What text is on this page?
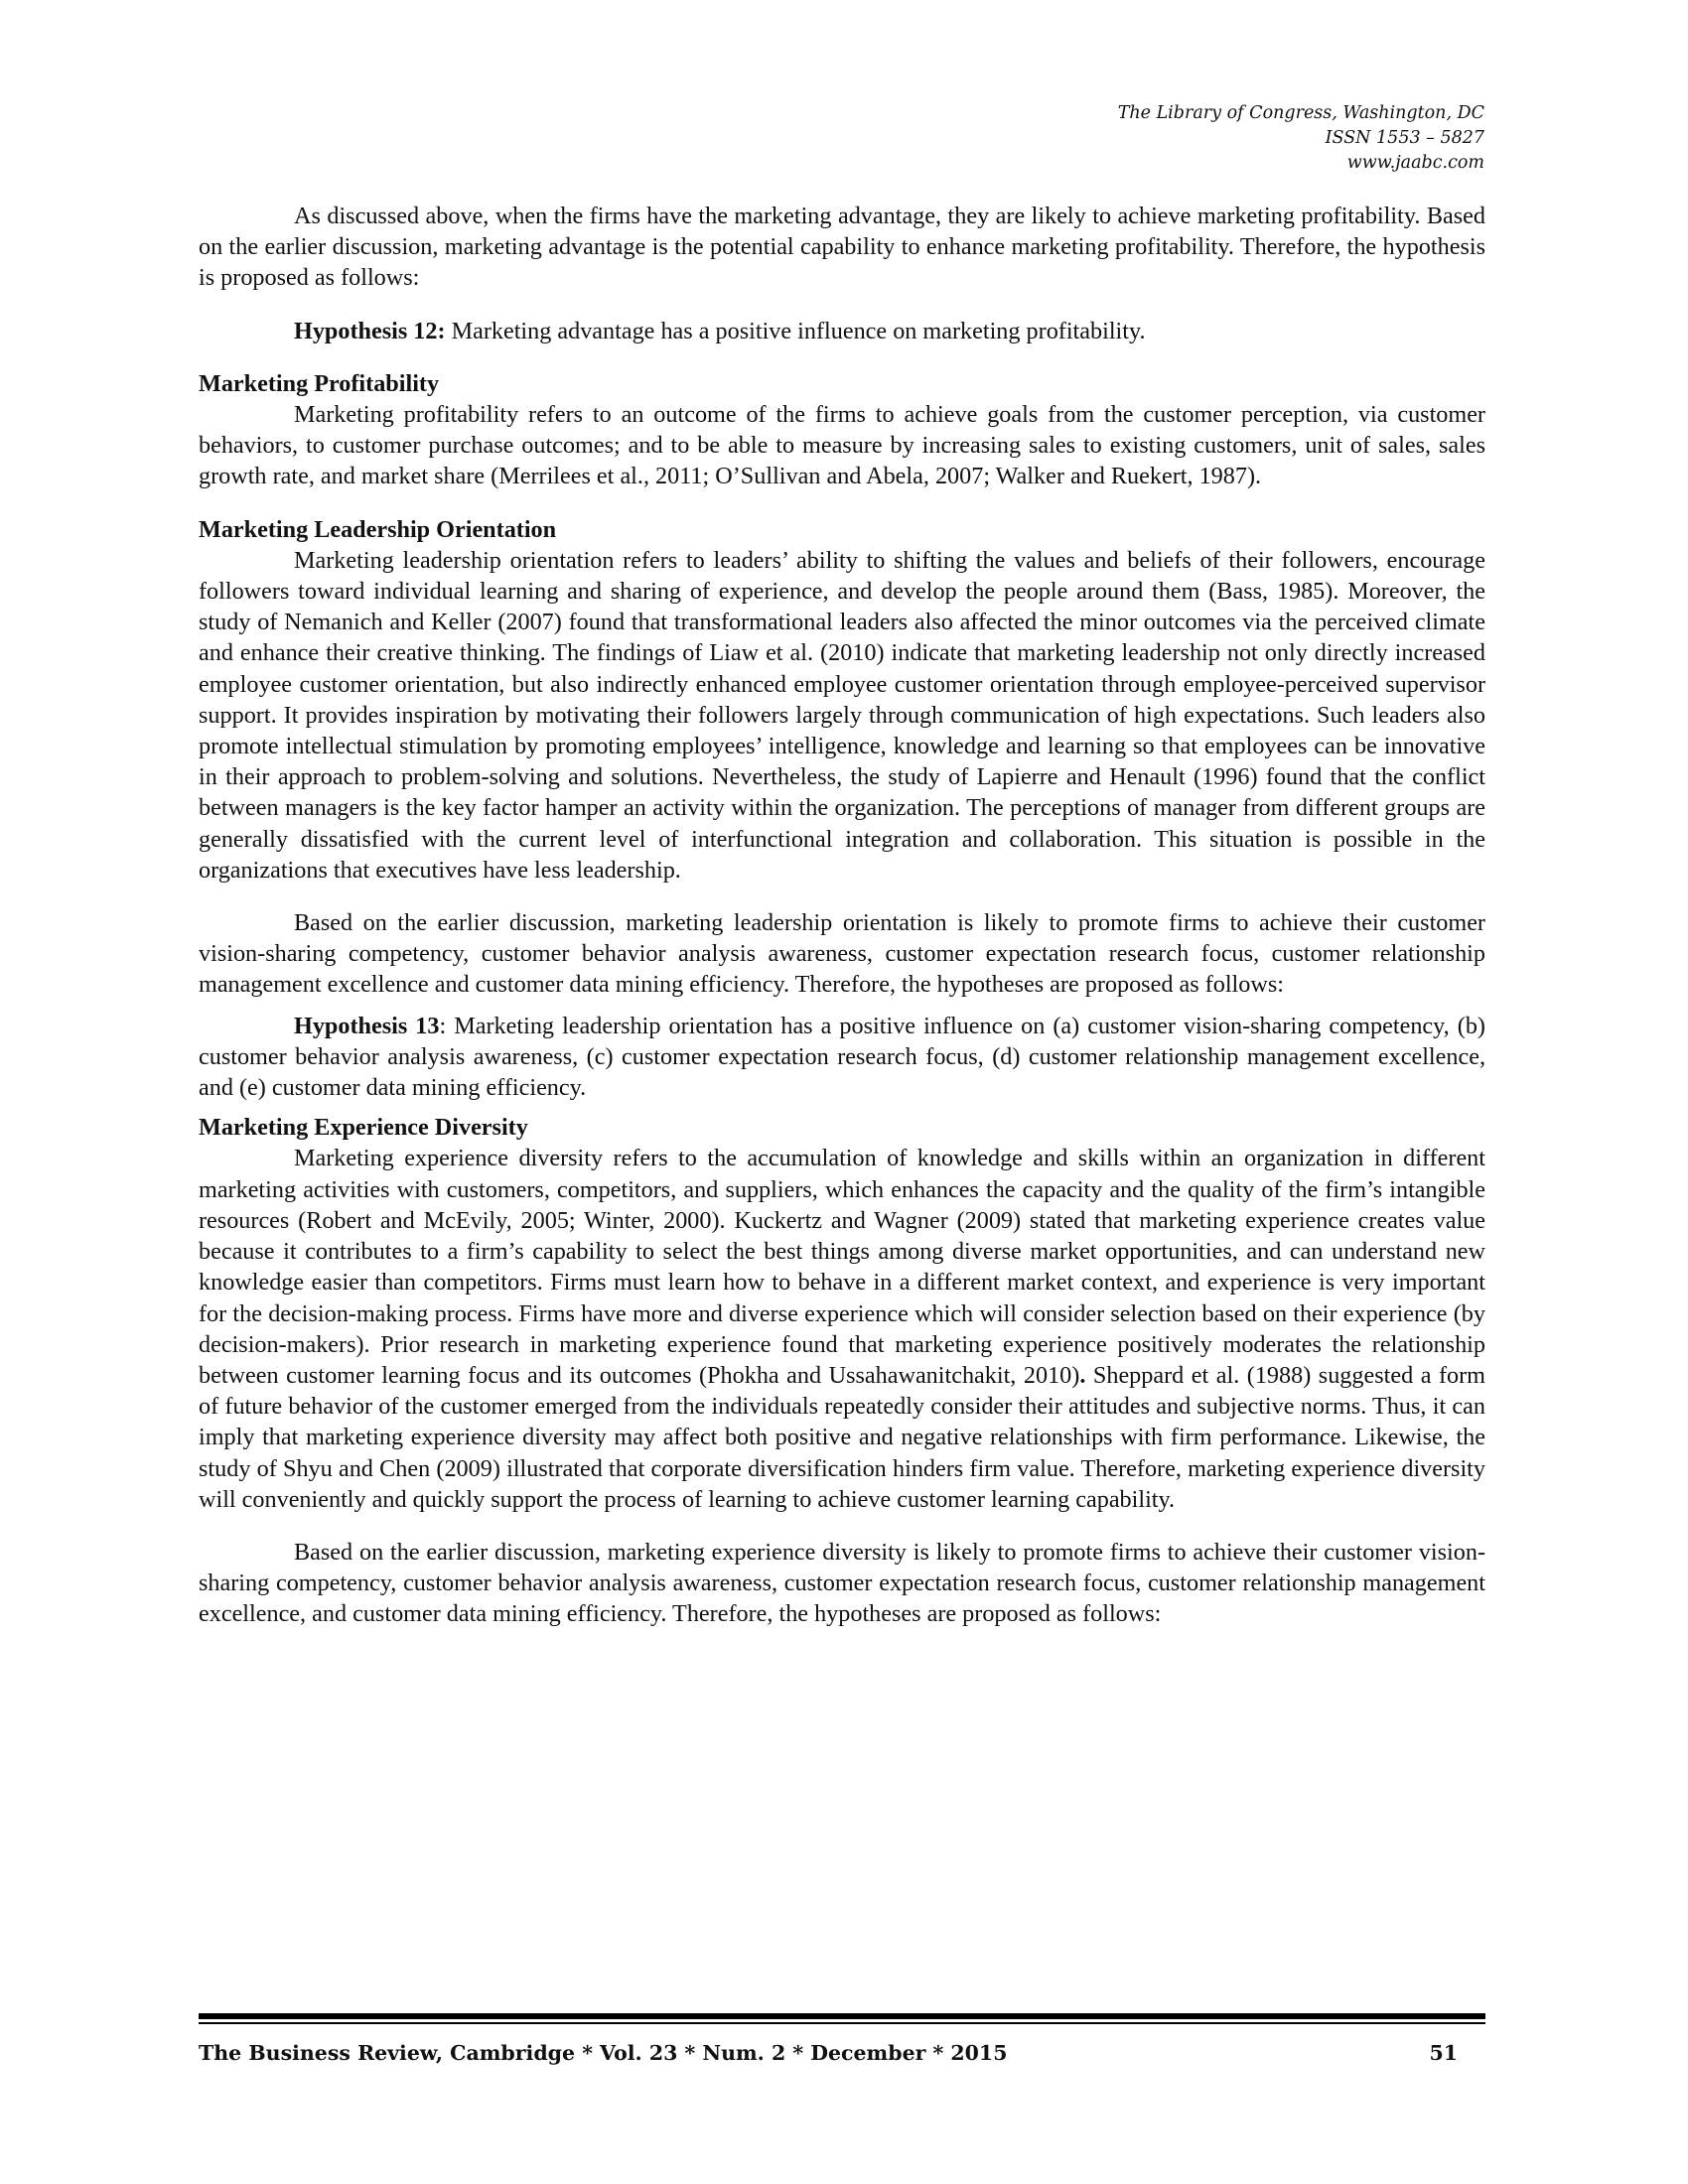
The Library of Congress, Washington, DC
ISSN 1553 – 5827
www.jaabc.com

As discussed above, when the firms have the marketing advantage, they are likely to achieve marketing profitability. Based on the earlier discussion, marketing advantage is the potential capability to enhance marketing profitability. Therefore, the hypothesis is proposed as follows:

Hypothesis 12: Marketing advantage has a positive influence on marketing profitability.

Marketing Profitability

Marketing profitability refers to an outcome of the firms to achieve goals from the customer perception, via customer behaviors, to customer purchase outcomes; and to be able to measure by increasing sales to existing customers, unit of sales, sales growth rate, and market share (Merrilees et al., 2011; O’Sullivan and Abela, 2007; Walker and Ruekert, 1987).

Marketing Leadership Orientation

Marketing leadership orientation refers to leaders’ ability to shifting the values and beliefs of their followers, encourage followers toward individual learning and sharing of experience, and develop the people around them (Bass, 1985). Moreover, the study of Nemanich and Keller (2007) found that transformational leaders also affected the minor outcomes via the perceived climate and enhance their creative thinking. The findings of Liaw et al. (2010) indicate that marketing leadership not only directly increased employee customer orientation, but also indirectly enhanced employee customer orientation through employee-perceived supervisor support. It provides inspiration by motivating their followers largely through communication of high expectations. Such leaders also promote intellectual stimulation by promoting employees’ intelligence, knowledge and learning so that employees can be innovative in their approach to problem-solving and solutions. Nevertheless, the study of Lapierre and Henault (1996) found that the conflict between managers is the key factor hamper an activity within the organization. The perceptions of manager from different groups are generally dissatisfied with the current level of interfunctional integration and collaboration. This situation is possible in the organizations that executives have less leadership.

Based on the earlier discussion, marketing leadership orientation is likely to promote firms to achieve their customer vision-sharing competency, customer behavior analysis awareness, customer expectation research focus, customer relationship management excellence and customer data mining efficiency. Therefore, the hypotheses are proposed as follows:

Hypothesis 13: Marketing leadership orientation has a positive influence on (a) customer vision-sharing competency, (b) customer behavior analysis awareness, (c) customer expectation research focus, (d) customer relationship management excellence, and (e) customer data mining efficiency.

Marketing Experience Diversity

Marketing experience diversity refers to the accumulation of knowledge and skills within an organization in different marketing activities with customers, competitors, and suppliers, which enhances the capacity and the quality of the firm’s intangible resources (Robert and McEvily, 2005; Winter, 2000). Kuckertz and Wagner (2009) stated that marketing experience creates value because it contributes to a firm’s capability to select the best things among diverse market opportunities, and can understand new knowledge easier than competitors. Firms must learn how to behave in a different market context, and experience is very important for the decision-making process. Firms have more and diverse experience which will consider selection based on their experience (by decision-makers). Prior research in marketing experience found that marketing experience positively moderates the relationship between customer learning focus and its outcomes (Phokha and Ussahawanitchakit, 2010). Sheppard et al. (1988) suggested a form of future behavior of the customer emerged from the individuals repeatedly consider their attitudes and subjective norms. Thus, it can imply that marketing experience diversity may affect both positive and negative relationships with firm performance. Likewise, the study of Shyu and Chen (2009) illustrated that corporate diversification hinders firm value. Therefore, marketing experience diversity will conveniently and quickly support the process of learning to achieve customer learning capability.

Based on the earlier discussion, marketing experience diversity is likely to promote firms to achieve their customer vision-sharing competency, customer behavior analysis awareness, customer expectation research focus, customer relationship management excellence, and customer data mining efficiency. Therefore, the hypotheses are proposed as follows:

The Business Review, Cambridge * Vol. 23 * Num. 2 * December * 2015	51
